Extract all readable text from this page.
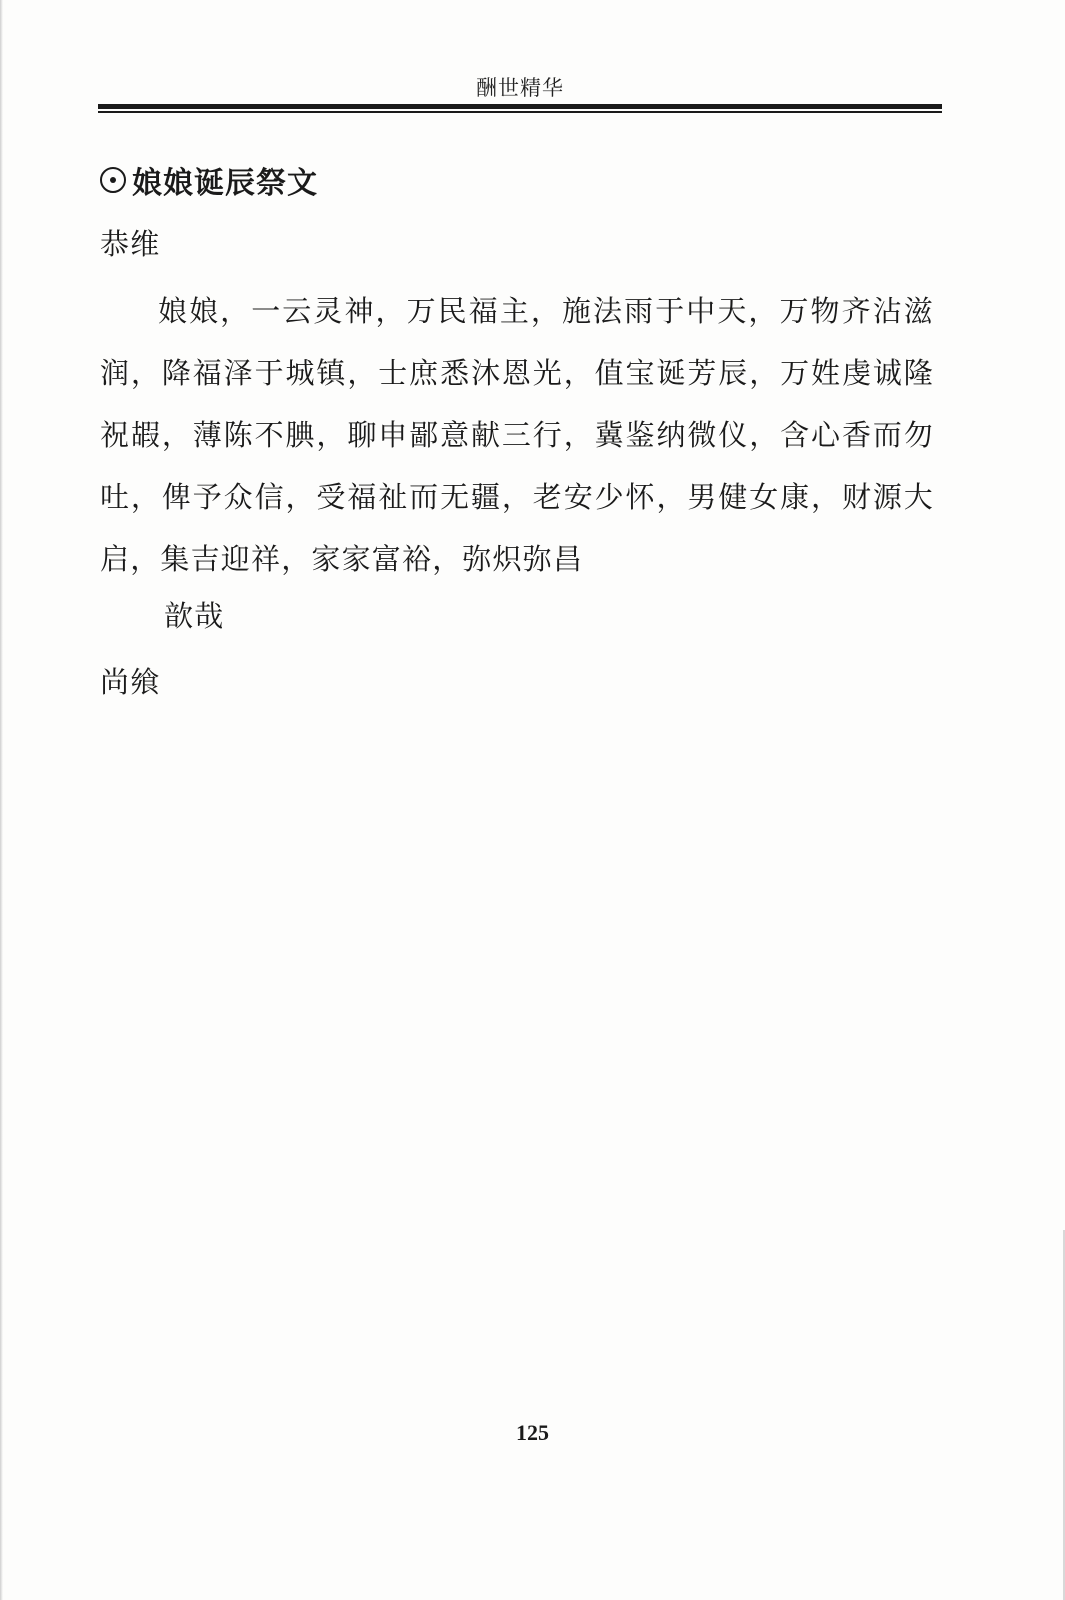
酬世精华
娘娘诞辰祭文
恭维
娘娘，一云灵神，万民福主，施法雨于中天，万物齐沾滋润，降福泽于城镇，士庶悉沐恩光，值宝诞芳辰，万姓虔诚隆祝嘏，薄陈不腆，聊申鄙意献三行，冀鉴纳微仪，含心香而勿吐，俾予众信，受福祉而无疆，老安少怀，男健女康，财源大启，集吉迎祥，家家富裕，弥炽弥昌
歆哉
尚飨
125
